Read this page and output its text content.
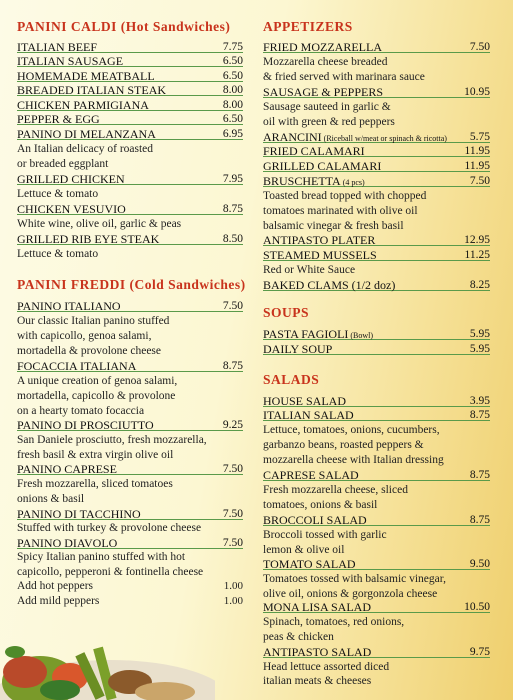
PANINI CALDI (Hot Sandwiches)
ITALIAN BEEF	7.75
ITALIAN SAUSAGE	6.50
HOMEMADE MEATBALL	6.50
BREADED ITALIAN STEAK	8.00
CHICKEN PARMIGIANA	8.00
PEPPER & EGG	6.50
PANINO DI MELANZANA	6.95
An Italian delicacy of roasted
or breaded eggplant
GRILLED CHICKEN	7.95
Lettuce & tomato
CHICKEN VESUVIO	8.75
White wine, olive oil, garlic & peas
GRILLED RIB EYE STEAK	8.50
Lettuce & tomato
PANINI FREDDI (Cold Sandwiches)
PANINO ITALIANO	7.50
Our classic Italian panino stuffed
with capicollo, genoa salami,
mortadella & provolone cheese
FOCACCIA ITALIANA	8.75
A unique creation of genoa salami,
mortadella, capicollo & provolone
on a hearty tomato focaccia
PANINO DI PROSCIUTTO	9.25
San Daniele prosciutto, fresh mozzarella,
fresh basil & extra virgin olive oil
PANINO CAPRESE	7.50
Fresh mozzarella, sliced tomatoes
onions & basil
PANINO DI TACCHINO	7.50
Stuffed with turkey & provolone cheese
PANINO DIAVOLO	7.50
Spicy Italian panino stuffed with hot
capicollo, pepperoni & fontinella cheese
Add hot peppers	1.00
Add mild peppers	1.00
APPETIZERS
FRIED MOZZARELLA	7.50
Mozzarella cheese breaded
& fried served with marinara sauce
SAUSAGE & PEPPERS	10.95
Sausage sauteed in garlic &
oil with green & red peppers
ARANCINI (Riceball w/meat or spinach & ricotta) 5.75
FRIED CALAMARI	11.95
GRILLED CALAMARI	11.95
BRUSCHETTA (4 pcs)	7.50
Toasted bread topped with chopped
tomatoes marinated with olive oil
balsamic vinegar & fresh basil
ANTIPASTO PLATER	12.95
STEAMED MUSSELS	11.25
Red or White Sauce
BAKED CLAMS (1/2 doz)	8.25
SOUPS
PASTA FAGIOLI (Bowl)	5.95
DAILY SOUP	5.95
SALADS
HOUSE SALAD	3.95
ITALIAN SALAD	8.75
Lettuce, tomatoes, onions, cucumbers,
garbanzo beans, roasted peppers &
mozzarella cheese with Italian dressing
CAPRESE SALAD	8.75
Fresh mozzarella cheese, sliced
tomatoes, onions & basil
BROCCOLI SALAD	8.75
Broccoli tossed with garlic
lemon & olive oil
TOMATO SALAD	9.50
Tomatoes tossed with balsamic vinegar,
olive oil, onions & gorgonzola cheese
MONA LISA SALAD	10.50
Spinach, tomatoes, red onions,
peas & chicken
ANTIPASTO SALAD	9.75
Head lettuce assorted diced
italian meats & cheeses
